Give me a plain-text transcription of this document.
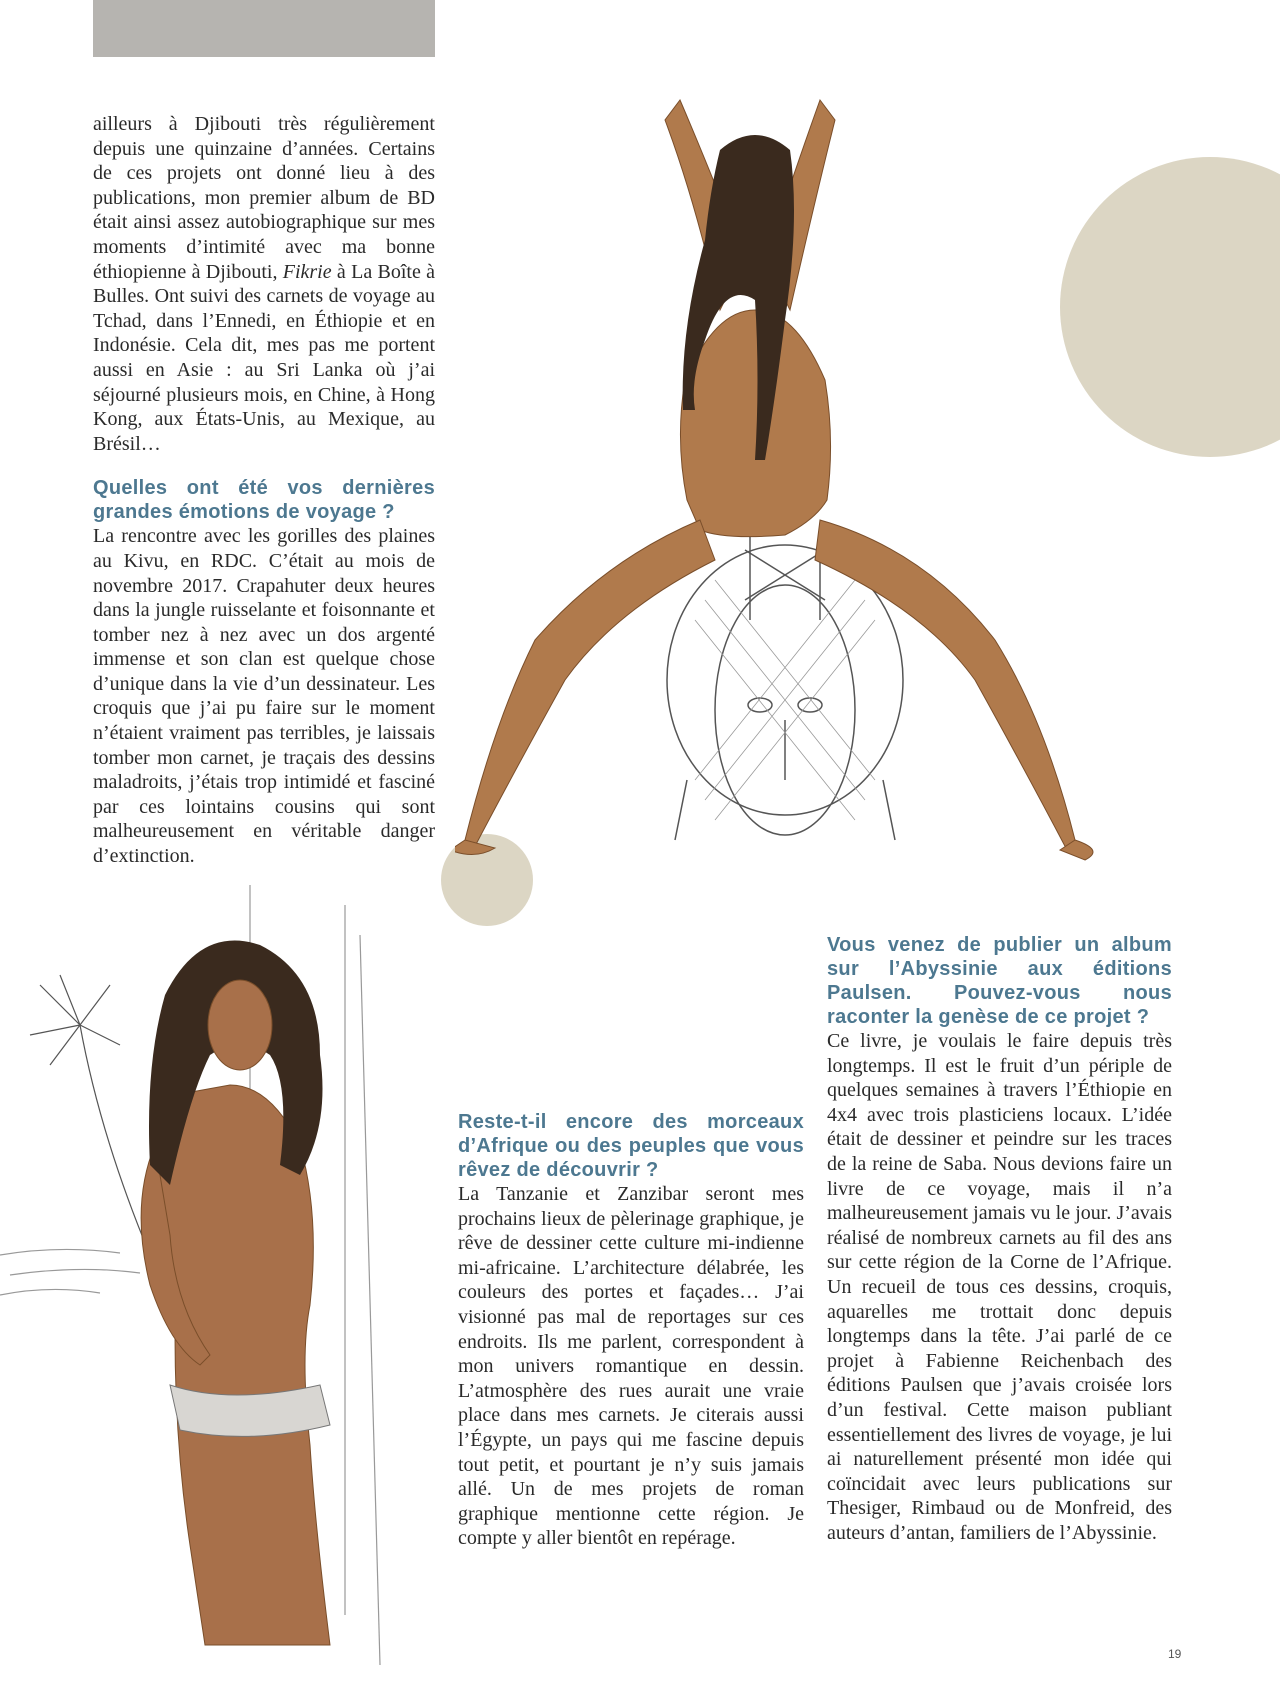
ailleurs à Djibouti très régulièrement depuis une quinzaine d’années. Certains de ces projets ont donné lieu à des publications, mon premier album de BD était ainsi assez autobiographique sur mes moments d’intimité avec ma bonne éthiopienne à Djibouti, Fikrie à La Boîte à Bulles. Ont suivi des carnets de voyage au Tchad, dans l’Ennedi, en Éthiopie et en Indonésie. Cela dit, mes pas me portent aussi en Asie : au Sri Lanka où j’ai séjourné plusieurs mois, en Chine, à Hong Kong, aux États-Unis, au Mexique, au Brésil…

Quelles ont été vos dernières grandes émotions de voyage ?

La rencontre avec les gorilles des plaines au Kivu, en RDC. C’était au mois de novembre 2017. Crapahuter deux heures dans la jungle ruisselante et foisonnante et tomber nez à nez avec un dos argenté immense et son clan est quelque chose d’unique dans la vie d’un dessinateur. Les croquis que j’ai pu faire sur le moment n’étaient vraiment pas terribles, je laissais tomber mon carnet, je traçais des dessins maladroits, j’étais trop intimidé et fasciné par ces lointains cousins qui sont malheureusement en véritable danger d’extinction.

Reste-t-il encore des morceaux d’Afrique ou des peuples que vous rêvez de découvrir ?

La Tanzanie et Zanzibar seront mes prochains lieux de pèlerinage graphique, je rêve de dessiner cette culture mi-indienne mi-africaine. L’architecture délabrée, les couleurs des portes et façades… J’ai visionné pas mal de reportages sur ces endroits. Ils me parlent, correspondent à mon univers romantique en dessin. L’atmosphère des rues aurait une vraie place dans mes carnets. Je citerais aussi l’Égypte, un pays qui me fascine depuis tout petit, et pourtant je n’y suis jamais allé. Un de mes projets de roman graphique mentionne cette région. Je compte y aller bientôt en repérage.

Vous venez de publier un album sur l’Abyssinie aux éditions Paulsen. Pouvez-vous nous raconter la genèse de ce projet ?

Ce livre, je voulais le faire depuis très longtemps. Il est le fruit d’un périple de quelques semaines à travers l’Éthiopie en 4x4 avec trois plasticiens locaux. L’idée était de dessiner et peindre sur les traces de la reine de Saba. Nous devions faire un livre de ce voyage, mais il n’a malheureusement jamais vu le jour. J’avais réalisé de nombreux carnets au fil des ans sur cette région de la Corne de l’Afrique. Un recueil de tous ces dessins, croquis, aquarelles me trottait donc depuis longtemps dans la tête. J’ai parlé de ce projet à Fabienne Reichenbach des éditions Paulsen que j’avais croisée lors d’un festival. Cette maison publiant essentiellement des livres de voyage, je lui ai naturellement présenté mon idée qui coïncidait avec leurs publications sur Thesiger, Rimbaud ou de Monfreid, des auteurs d’antan, familiers de l’Abyssinie.

19
